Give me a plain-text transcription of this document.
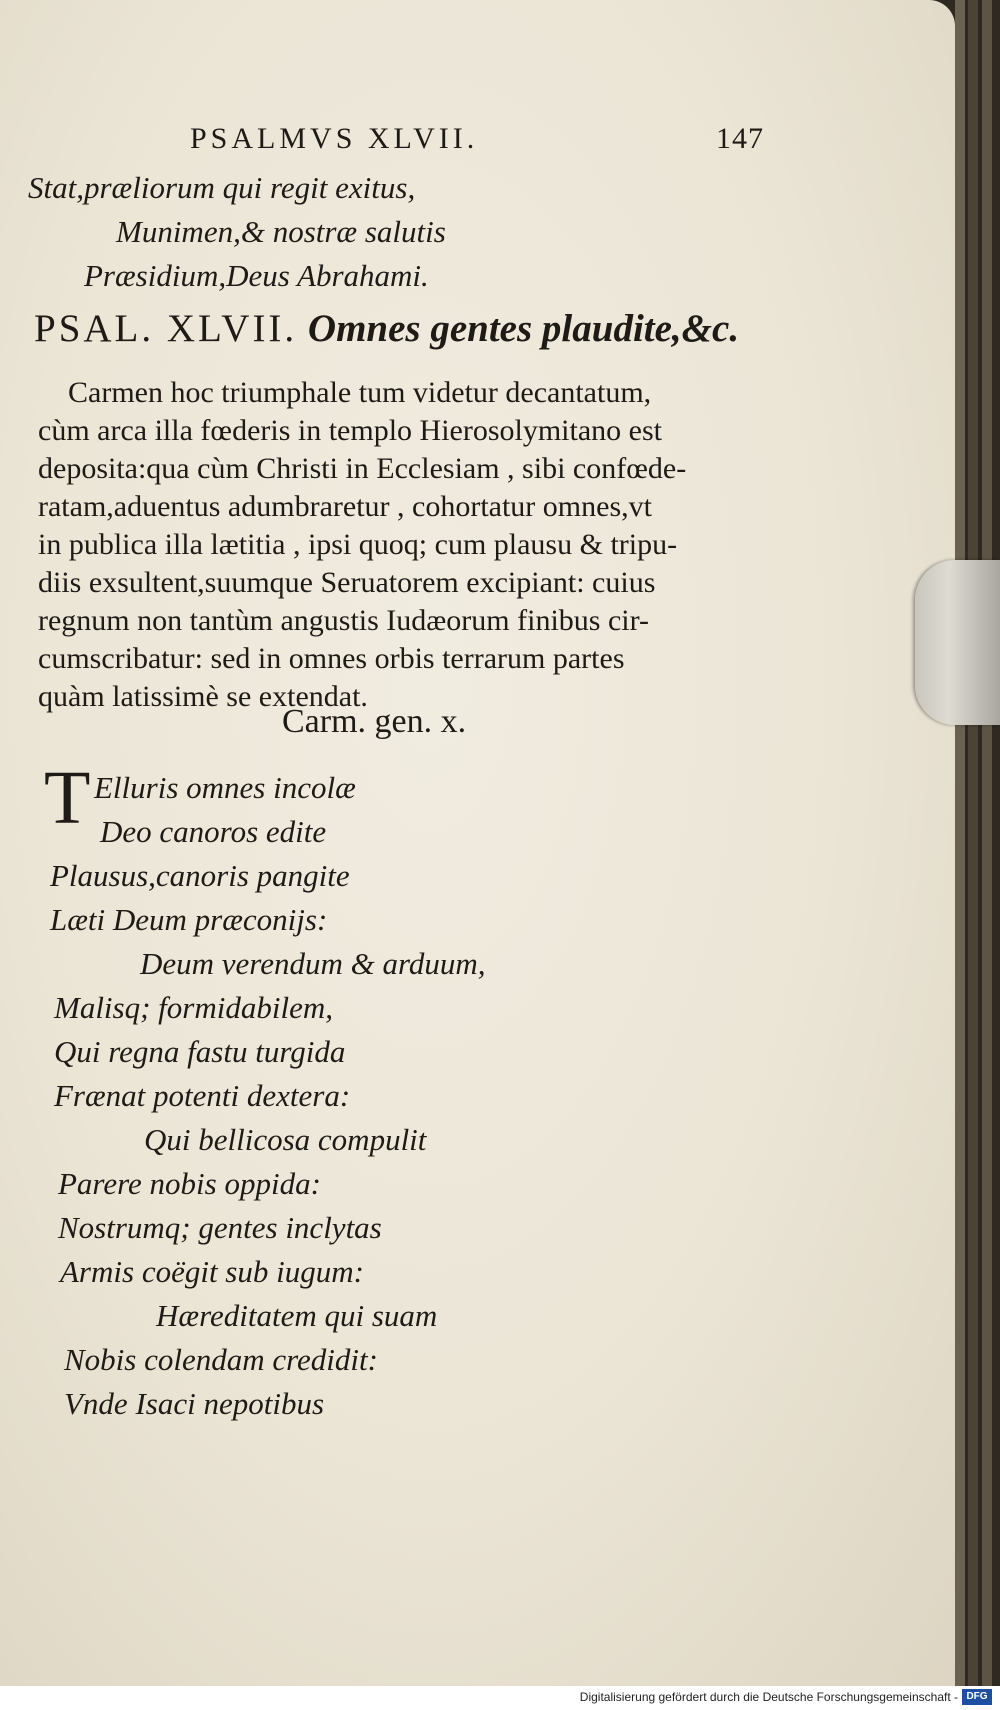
PSALMVS XLVII.	147
Stat,prӕliorum qui regit exitus,
Munimen,& nostrӕ salutis
Prӕsidium,Deus Abrahami.
PSAL. XLVII. Omnes gentes plaudite,&c.
Carmen hoc triumphale tum videtur decantatum,
cùm arca illa fœderis in templo Hierosolymitano est
deposita:qua cùm Christi in Ecclesiam , sibi confœde-
ratam,aduentus adumbraretur , cohortatur omnes,vt
in publica illa lætitia , ipsi quoq; cum plausu & tripu-
diis exsultent,suumque Seruatorem excipiant: cuius
regnum non tantùm angustis Iudæorum finibus cir-
cumscribatur: sed in omnes orbis terrarum partes
quàm latissimè se extendat.
Carm. gen. x.
T Elluris omnes incolӕ
Deo canoros edite
Plausus,canoris pangite
Lӕti Deum prӕconijs:
Deum verendum & arduum,
Malisq; formidabilem,
Qui regna fastu turgida
Frӕnat potenti dextera:
Qui bellicosa compulit
Parere nobis oppida:
Nostrumq; gentes inclytas
Armis coëgit sub iugum:
Hӕreditatem qui suam
Nobis colendam credidit:
Vnde Isaci nepotibus
Digitalisierung gefördert durch die Deutsche Forschungsgemeinschaft - DFG
